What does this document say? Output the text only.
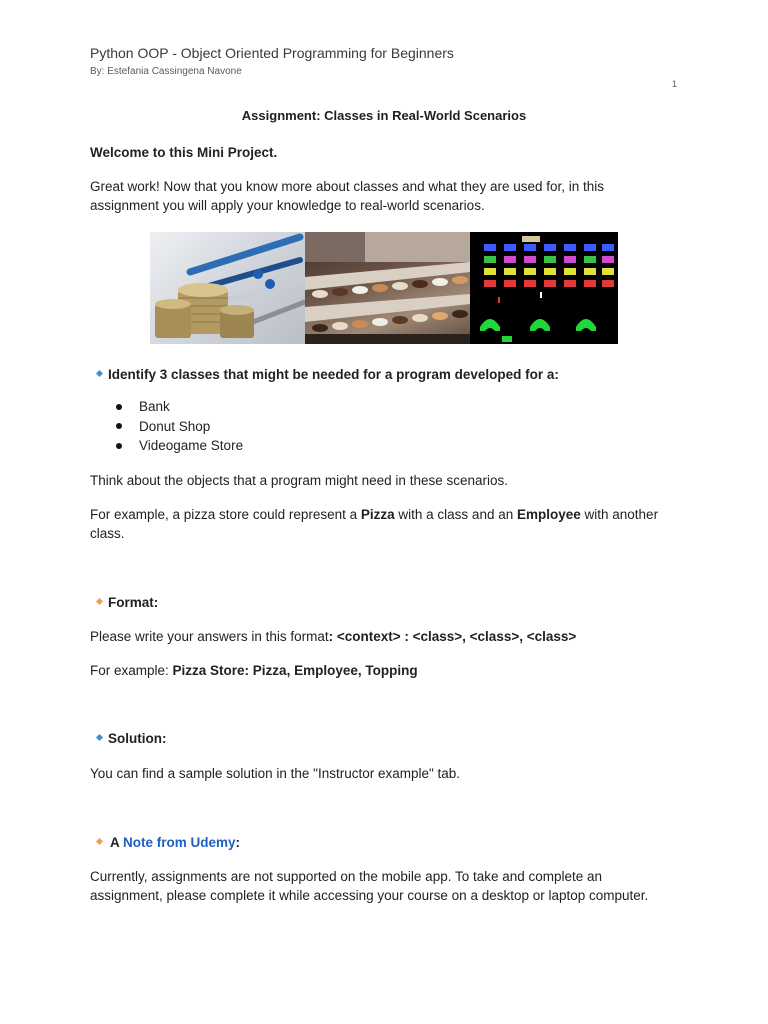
Python OOP - Object Oriented Programming for Beginners
By: Estefania Cassingena Navone
1
Assignment: Classes in Real-World Scenarios
Welcome to this Mini Project.
Great work! Now that you know more about classes and what they are used for, in this
assignment you will apply your knowledge to real-world scenarios.
Identify 3 classes that might be needed for a program developed for a:
Bank
Donut Shop
Videogame Store
Think about the objects that a program might need in these scenarios.
For example, a pizza store could represent a Pizza with a class and an Employee with another
class.
Format:
Please write your answers in this format: <context> : <class>, <class>, <class>
For example: Pizza Store: Pizza, Employee, Topping
Solution:
You can find a sample solution in the "Instructor example" tab.
A Note from Udemy:
Currently, assignments are not supported on the mobile app. To take and complete an
assignment, please complete it while accessing your course on a desktop or laptop computer.
